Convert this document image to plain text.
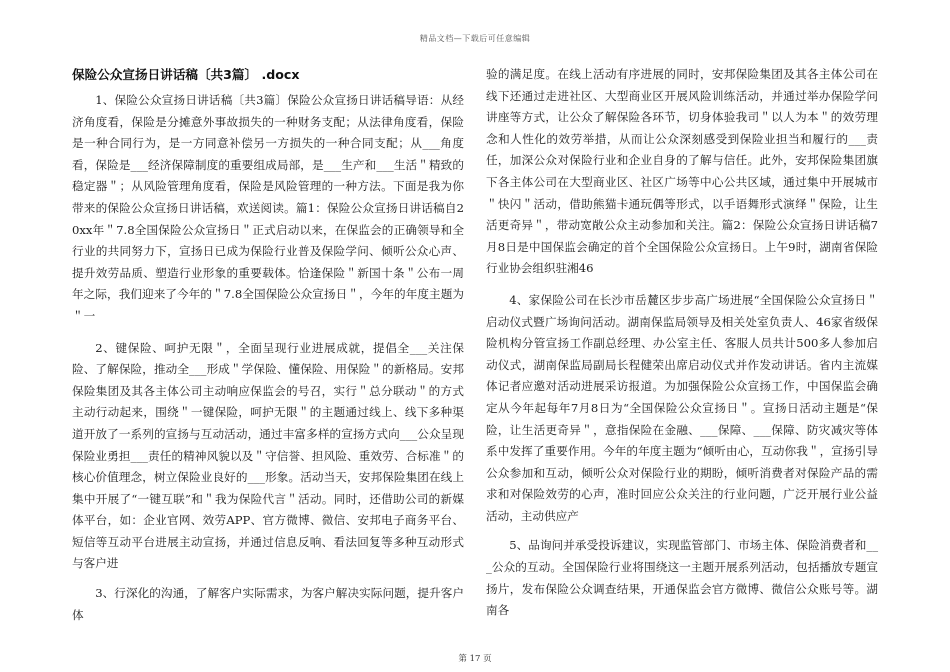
精品文档—下载后可任意编辑
保险公众宣扬日讲话稿〔共3篇〕 .docx

1、保险公众宣扬日讲话稿〔共3篇〕保险公众宣扬日讲话稿导语：从经济角度看，保险是分摊意外事故损失的一种财务支配；从法律角度看，保险是一种合同行为，是一方同意补偿另一方损失的一种合同支配；从___角度看，保险是___经济保障制度的重要组成局部，是___生产和___生活＂精致的稳定器＂；从风险管理角度看，保险是风险管理的一种方法。下面是我为你带来的保险公众宣扬日讲话稿，欢送阅读。篇1：保险公众宣扬日讲话稿自20xx年＂7.8全国保险公众宣扬日＂正式启动以来，在保监会的正确领导和全行业的共同努力下，宣扬日已成为保险行业普及保险学问、倾听公众心声、提升效劳品质、塑造行业形象的重要载体。恰逢保险＂新国十条＂公布一周年之际，我们迎来了今年的＂7.8全国保险公众宣扬日＂，今年的年度主题为＂一

2、键保险、呵护无限＂，全面呈现行业进展成就，提倡全___关注保险、了解保险，推动全___形成＂学保险、懂保险、用保险＂的新格局。安邦保险集团及其各主体公司主动响应保监会的号召，实行＂总分联动＂的方式主动行动起来，围绕＂一键保险，呵护无限＂的主题通过线上、线下多种渠道开放了一系列的宣扬与互动活动，通过丰富多样的宣扬方式向___公众呈现保险业勇担___责任的精神风貌以及＂守信誉、担风险、重效劳、合标准＂的核心价值理念，树立保险业良好的___形象。活动当天，安邦保险集团在线上集中开展了“一键互联”和＂我为保险代言＂活动。同时，还借助公司的新媒体平台，如：企业官网、效劳APP、官方微博、微信、安邦电子商务平台、短信等互动平台进展主动宣扬，并通过信息反响、看法回复等多种互动形式与客户进

3、行深化的沟通，了解客户实际需求，为客户解决实际问题，提升客户体

验的满足度。在线上活动有序进展的同时，安邦保险集团及其各主体公司在线下还通过走进社区、大型商业区开展风险训练活动，并通过举办保险学问讲座等方式，让公众了解保险各环节，切身体验我司＂以人为本＂的效劳理念和人性化的效劳举措，从而让公众深刻感受到保险业担当和履行的___责任，加深公众对保险行业和企业自身的了解与信任。此外，安邦保险集团旗下各主体公司在大型商业区、社区广场等中心公共区域，通过集中开展城市＂快闪＂活动，借助熊猫卡通玩偶等形式，以手语舞形式演绎＂保险，让生活更奇异＂，带动宽敞公众主动参加和关注。篇2：保险公众宣扬日讲话稿7月8日是中国保监会确定的首个全国保险公众宣扬日。上午9时，湖南省保险行业协会组织驻湘46

4、家保险公司在长沙市岳麓区步步高广场进展“全国保险公众宣扬日＂启动仪式暨广场询问活动。湖南保监局领导及相关处室负责人、46家省级保险机构分管宣扬工作副总经理、办公室主任、客服人员共计500多人参加启动仪式，湖南保监局副局长程健荣出席启动仪式并作发动讲话。省内主流媒体记者应邀对活动进展采访报道。为加强保险公众宣扬工作，中国保监会确定从今年起每年7月8日为“全国保险公众宣扬日＂。宣扬日活动主题是“保险，让生活更奇异＂，意指保险在金融、___保障、___保障、防灾减灾等体系中发挥了重要作用。今年的年度主题为“倾听由心，互动你我＂，宣扬引导公众参加和互动，倾听公众对保险行业的期盼，倾听消费者对保险产品的需求和对保险效劳的心声，准时回应公众关注的行业问题，广泛开展行业公益活动，主动供应产

5、品询问并承受投诉建议，实现监管部门、市场主体、保险消费者和___公众的互动。全国保险行业将围绕这一主题开展系列活动，包括播放专题宣扬片，发布保险公众调查结果，开通保监会官方微博、微信公众账号等。湖南各

第 17 页
